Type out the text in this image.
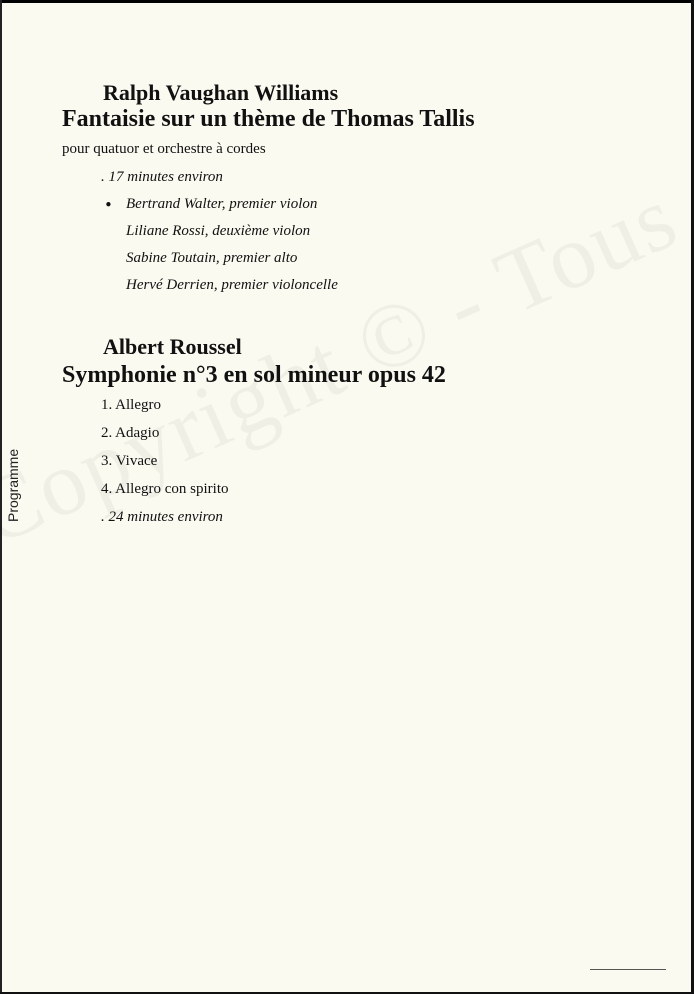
Programme
Ralph Vaughan Williams
Fantaisie sur un thème de Thomas Tallis

pour quatuor et orchestre à cordes

. 17 minutes environ
• Bertrand Walter, premier violon
Liliane Rossi, deuxième violon
Sabine Toutain, premier alto
Hervé Derrien, premier violoncelle
Albert Roussel
Symphonie n°3 en sol mineur opus 42
1. Allegro
2. Adagio
3. Vivace
4. Allegro con spirito
. 24 minutes environ
